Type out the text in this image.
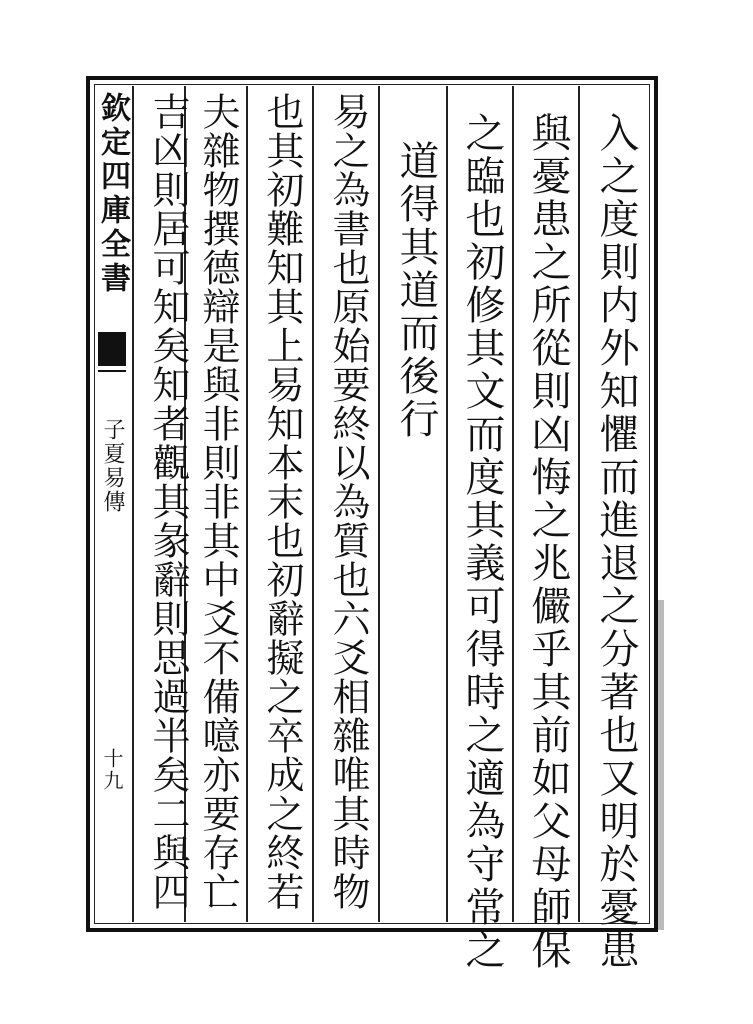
欽定四庫全書
子夏易傳
十九	入之度則内外知懼而進退之分著也又明於憂患
與憂患之所從則凶悔之兆儼乎其前如父母師保
之臨也初修其文而度其義可得時之適為守常之
道得其道而後行
易之為書也原始要終以為質也六爻相雜唯其時物
也其初難知其上易知本末也初辭擬之卒成之終若
夫雜物撰德辯是與非則非其中爻不備噫亦要存亡
吉凶則居可知矣知者觀其彖辭則思過半矣二與四
